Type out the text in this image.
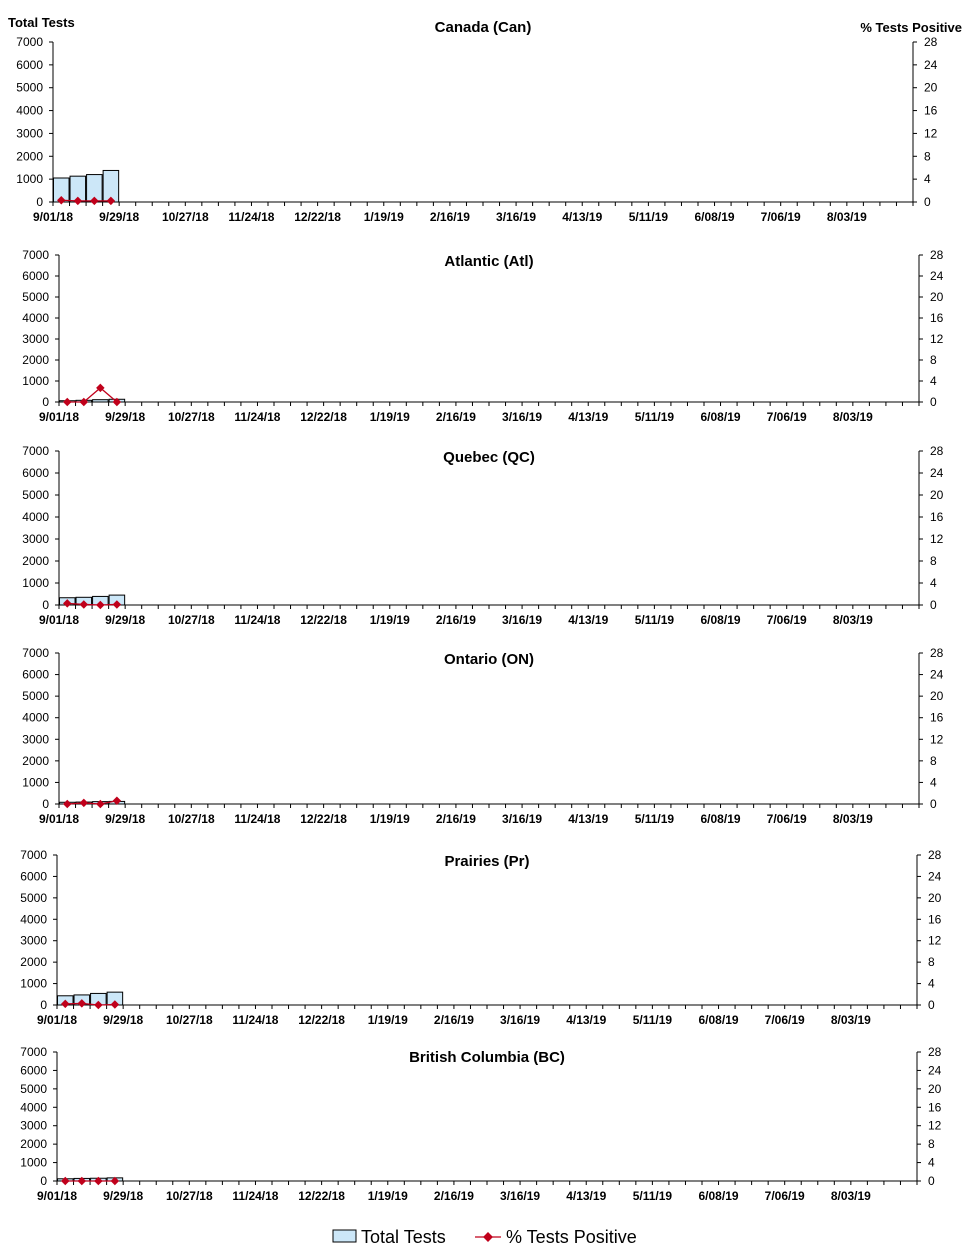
Total Tests	% Tests Positive
Canada (Can)
0
1000
2000
3000
4000
5000
6000
7000
0
4
8
12
16
20
24
28
9/01/18 9/29/18 10/27/18 11/24/18 12/22/18 1/19/19 2/16/19 3/16/19 4/13/19 5/11/19 6/08/19 7/06/19 8/03/19
Atlantic (Atl)
0
1000
2000
3000
4000
5000
6000
7000
0
4
8
12
16
20
24
28
9/01/18 9/29/18 10/27/18 11/24/18 12/22/18 1/19/19 2/16/19 3/16/19 4/13/19 5/11/19 6/08/19 7/06/19 8/03/19
Quebec (QC)
0
1000
2000
3000
4000
5000
6000
7000
0
4
8
12
16
20
24
28
9/01/18 9/29/18 10/27/18 11/24/18 12/22/18 1/19/19 2/16/19 3/16/19 4/13/19 5/11/19 6/08/19 7/06/19 8/03/19
Ontario (ON)
0
1000
2000
3000
4000
5000
6000
7000
0
4
8
12
16
20
24
28
9/01/18 9/29/18 10/27/18 11/24/18 12/22/18 1/19/19 2/16/19 3/16/19 4/13/19 5/11/19 6/08/19 7/06/19 8/03/19
Prairies (Pr)
0
1000
2000
3000
4000
5000
6000
7000
0
4
8
12
16
20
24
28
9/01/18 9/29/18 10/27/18 11/24/18 12/22/18 1/19/19 2/16/19 3/16/19 4/13/19 5/11/19 6/08/19 7/06/19 8/03/19
British Columbia (BC)
0
1000
2000
3000
4000
5000
6000
7000
0
4
8
12
16
20
24
28
9/01/18 9/29/18 10/27/18 11/24/18 12/22/18 1/19/19 2/16/19 3/16/19 4/13/19 5/11/19 6/08/19 7/06/19 8/03/19
Total Tests	% Tests Positive
